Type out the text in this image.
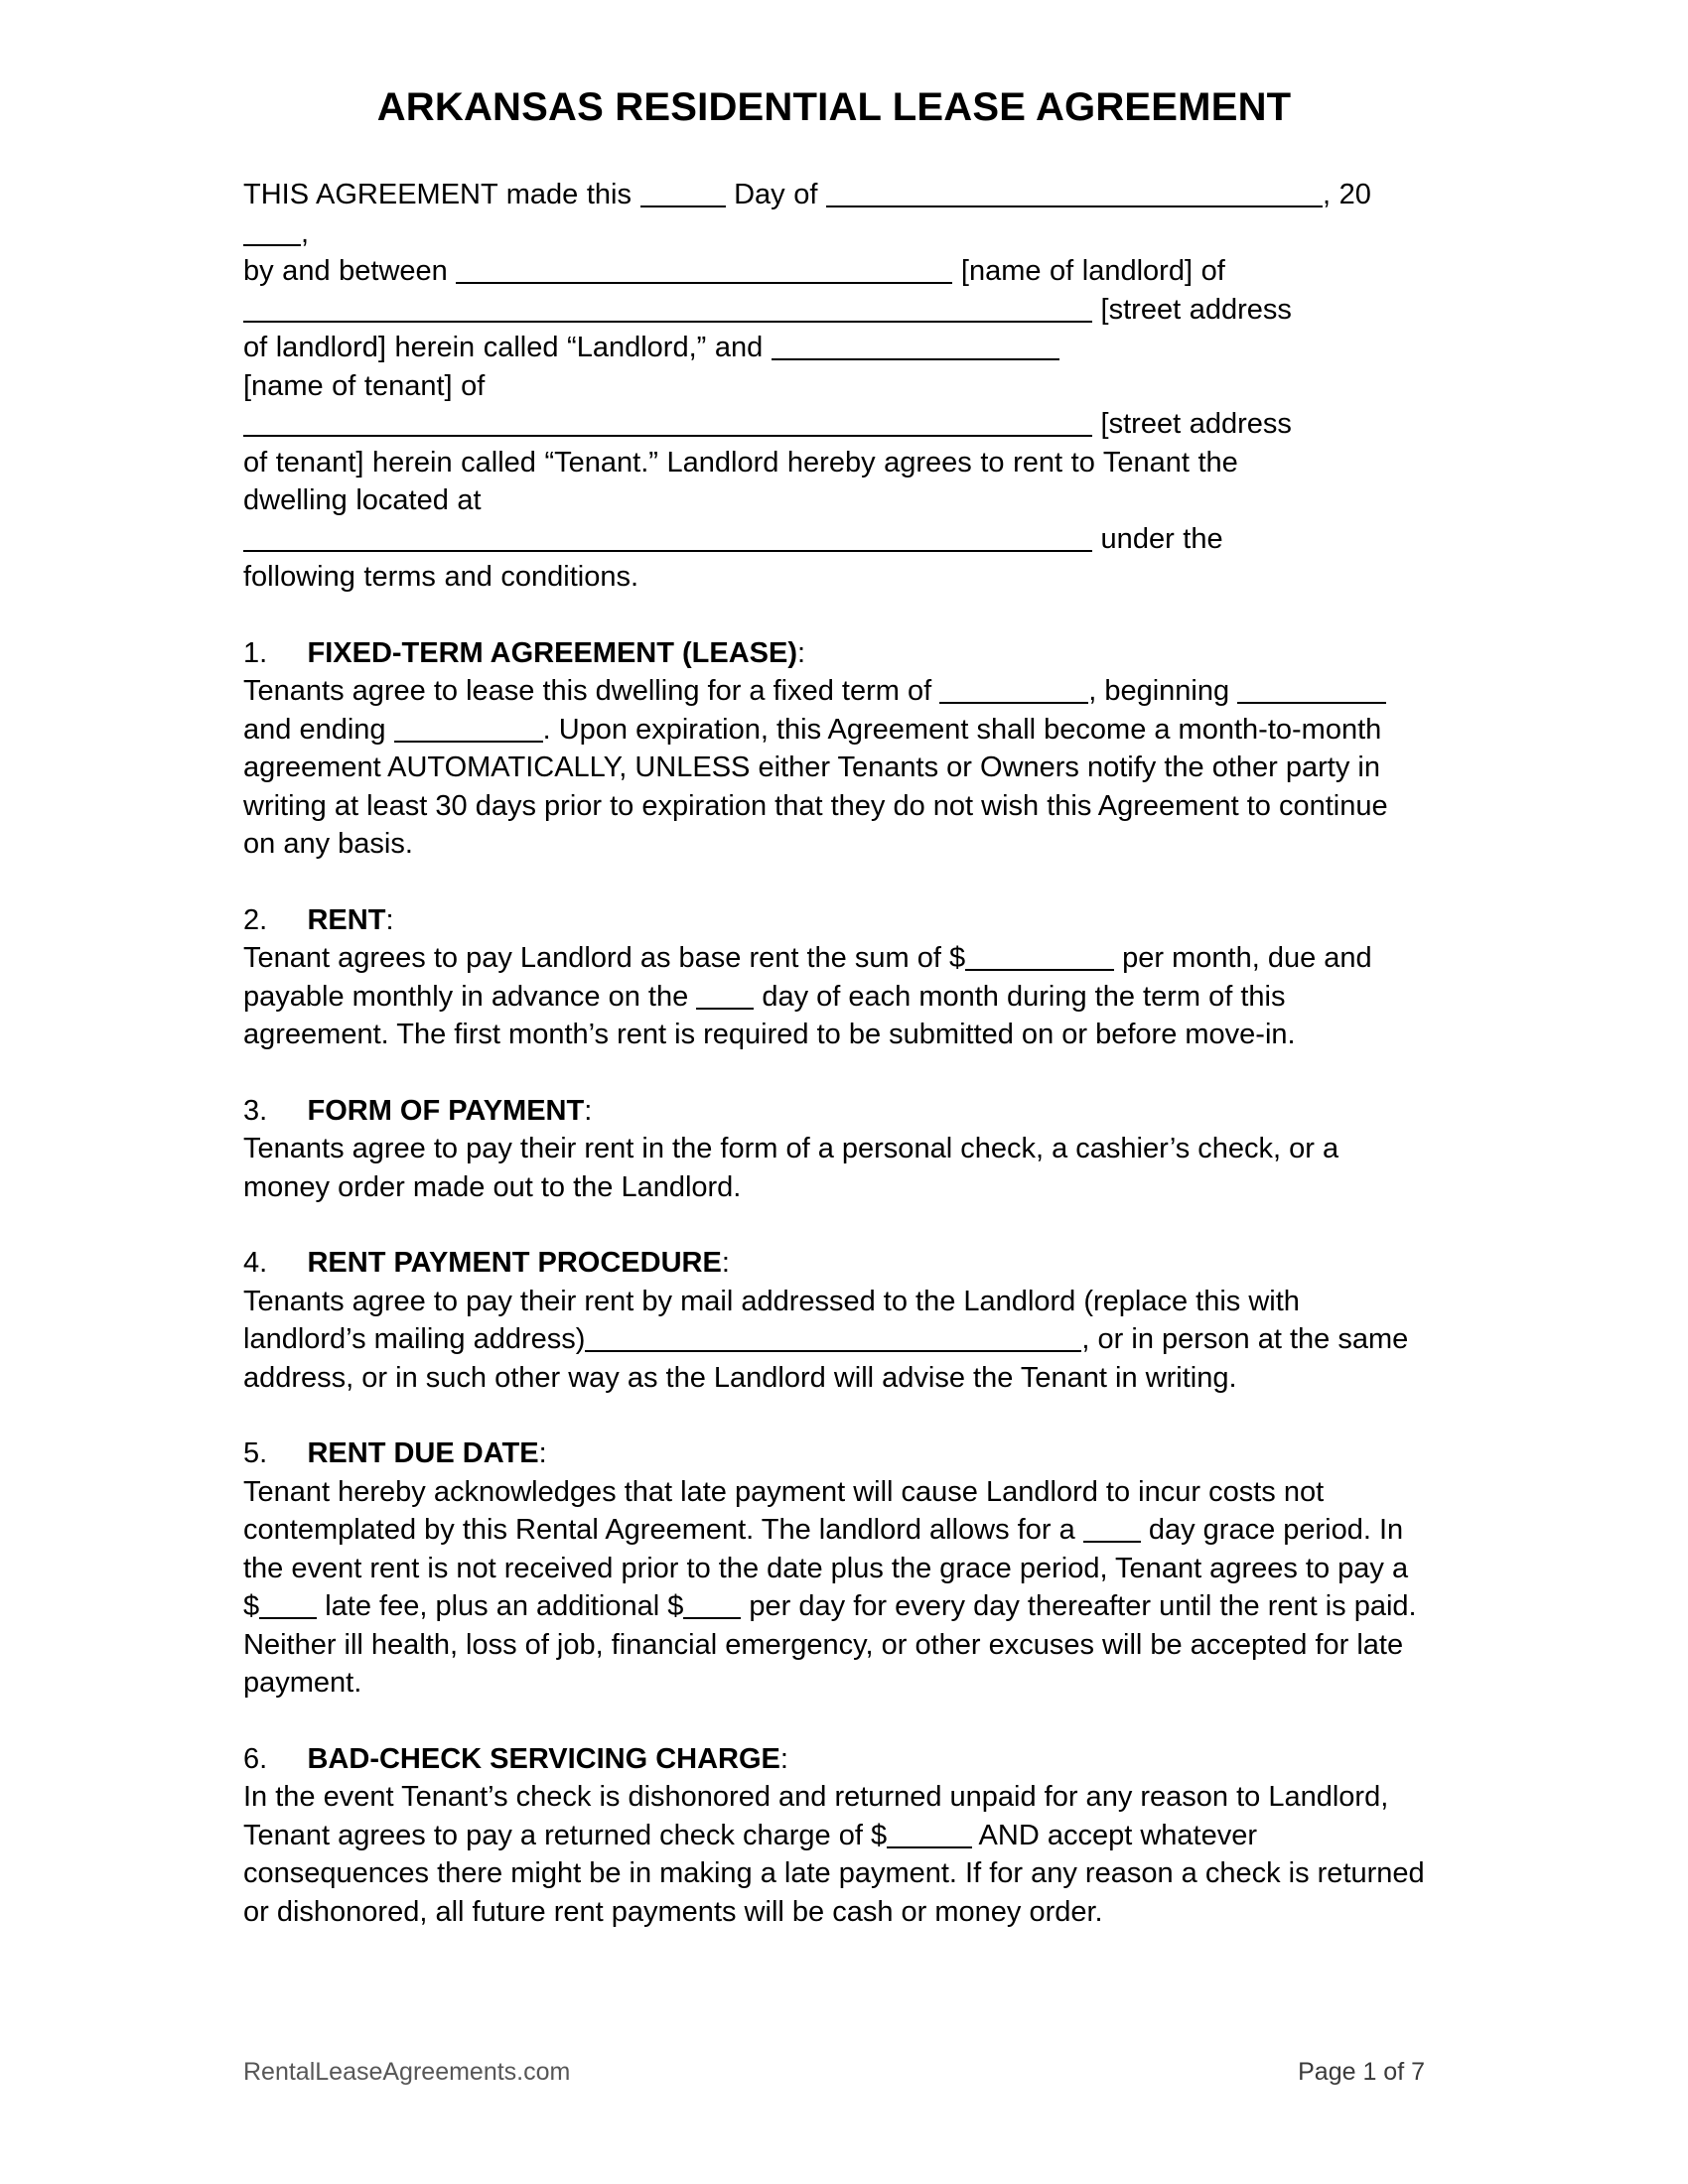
ARKANSAS RESIDENTIAL LEASE AGREEMENT
THIS AGREEMENT made this	Day of	, 20,
by and between	[name of landlord] of
[street address
of landlord] herein called “Landlord,” and
[name of tenant] of
[street address
of tenant] herein called “Tenant.” Landlord hereby agrees to rent to Tenant the
dwelling located at
under the
following terms and conditions.
1. FIXED-TERM AGREEMENT (LEASE):
Tenants agree to lease this dwelling for a fixed term of	, beginning  and ending	. Upon expiration, this Agreement shall become a month-to-month agreement AUTOMATICALLY, UNLESS either Tenants or Owners notify the other party in writing at least 30 days prior to expiration that they do not wish this Agreement to continue on any basis.
2. RENT:
Tenant agrees to pay Landlord as base rent the sum of $	per month, due and payable monthly in advance on the  day of each month during the term of this agreement. The first month’s rent is required to be submitted on or before move-in.
3. FORM OF PAYMENT:
Tenants agree to pay their rent in the form of a personal check, a cashier’s check, or a money order made out to the Landlord.
4. RENT PAYMENT PROCEDURE:
Tenants agree to pay their rent by mail addressed to the Landlord (replace this with landlord’s mailing address)	, or in person at the same address, or in such other way as the Landlord will advise the Tenant in writing.
5. RENT DUE DATE:
Tenant hereby acknowledges that late payment will cause Landlord to incur costs not contemplated by this Rental Agreement. The landlord allows for a  day grace period. In the event rent is not received prior to the date plus the grace period, Tenant agrees to pay a $ late fee, plus an additional $ per day for every day thereafter until the rent is paid. Neither ill health, loss of job, financial emergency, or other excuses will be accepted for late payment.
6. BAD-CHECK SERVICING CHARGE:
In the event Tenant’s check is dishonored and returned unpaid for any reason to Landlord, Tenant agrees to pay a returned check charge of $	AND accept whatever consequences there might be in making a late payment. If for any reason a check is returned or dishonored, all future rent payments will be cash or money order.
RentalLeaseAgreements.com	Page 1 of 7
